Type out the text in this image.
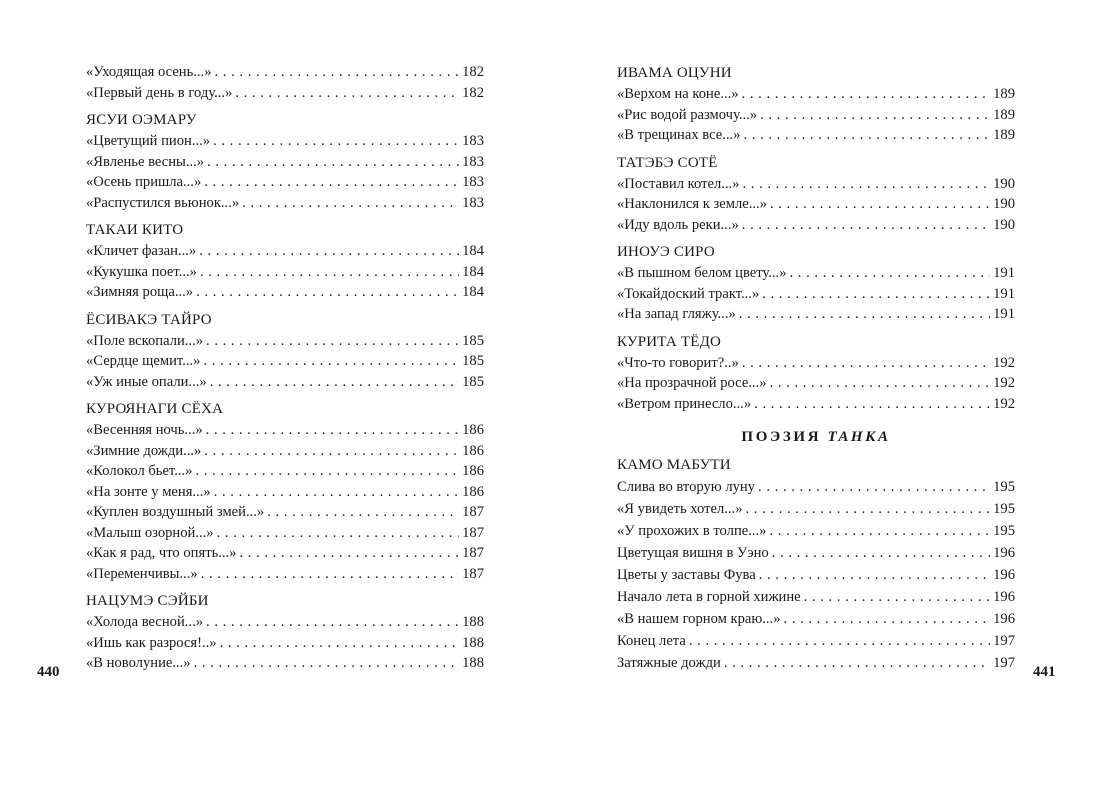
«Уходящая осень...» . . .	182
«Первый день в году...» . . .	182
ЯСУИ ОЭМАРУ
«Цветущий пион...» . . .	183
«Явленье весны...» . . .	183
«Осень пришла...» . . .	183
«Распустился вьюнок...» . . .	183
ТАКАИ КИТО
«Кличет фазан...» . . .	184
«Кукушка поет...» . . .	184
«Зимняя роща...» . . .	184
ЁСИВАКЭ ТАЙРО
«Поле вскопали...» . . .	185
«Сердце щемит...» . . .	185
«Уж иные опали...» . . .	185
КУРОЯНАГИ СЁХА
«Весенняя ночь...» . . .	186
«Зимние дожди...» . . .	186
«Колокол бьет...» . . .	186
«На зонте у меня...» . . .	186
«Куплен воздушный змей...» . . .	187
«Малыш озорной...» . . .	187
«Как я рад, что опять...» . . .	187
«Переменчивы...» . . .	187
НАЦУМЭ СЭЙБИ
«Холода весной...» . . .	188
«Ишь как разрося!..» . . .	188
«В новолуние...» . . .	188
ИВАМА ОЦУНИ
«Верхом на коне...» . . .	189
«Рис водой размочу...» . . .	189
«В трещинах все...» . . .	189
ТАТЭБЭ СОТЁ
«Поставил котел...» . . .	190
«Наклонился к земле...» . . .	190
«Иду вдоль реки...» . . .	190
ИНОУЭ СИРО
«В пышном белом цвету...» . . .	191
«Токайдоский тракт...» . . .	191
«На запад гляжу...» . . .	191
КУРИТА ТЁДО
«Что-то говорит?..» . . .	192
«На прозрачной росе...» . . .	192
«Ветром принесло...» . . .	192
ПОЭЗИЯ ТАНКА
КАМО МАБУТИ
Слива во вторую луну . . .	195
«Я увидеть хотел...» . . .	195
«У прохожих в толпе...» . . .	195
Цветущая вишня в Уэно . . .	196
Цветы у заставы Фува . . .	196
Начало лета в горной хижине . . .	196
«В нашем горном краю...» . . .	196
Конец лета . . .	197
Затяжные дожди . . .	197
440	441
